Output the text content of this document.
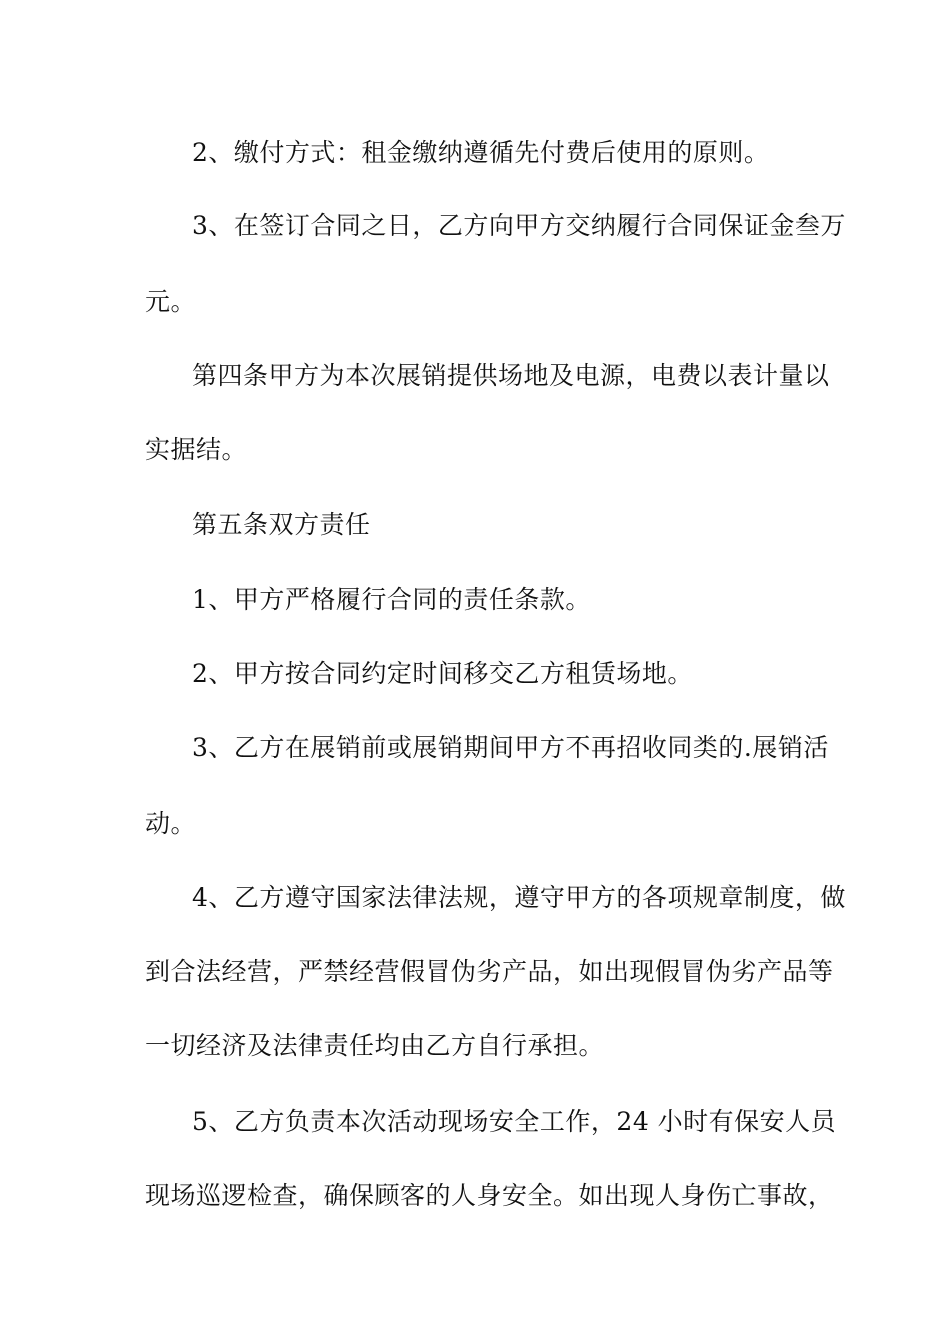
2、缴付方式：租金缴纳遵循先付费后使用的原则。
3、在签订合同之日，乙方向甲方交纳履行合同保证金叁万
元。
第四条甲方为本次展销提供场地及电源，电费以表计量以
实据结。
第五条双方责任
1、甲方严格履行合同的责任条款。
2、甲方按合同约定时间移交乙方租赁场地。
3、乙方在展销前或展销期间甲方不再招收同类的.展销活
动。
4、乙方遵守国家法律法规，遵守甲方的各项规章制度，做
到合法经营，严禁经营假冒伪劣产品，如出现假冒伪劣产品等
一切经济及法律责任均由乙方自行承担。
5、乙方负责本次活动现场安全工作，24 小时有保安人员
现场巡逻检查，确保顾客的人身安全。如出现人身伤亡事故，
